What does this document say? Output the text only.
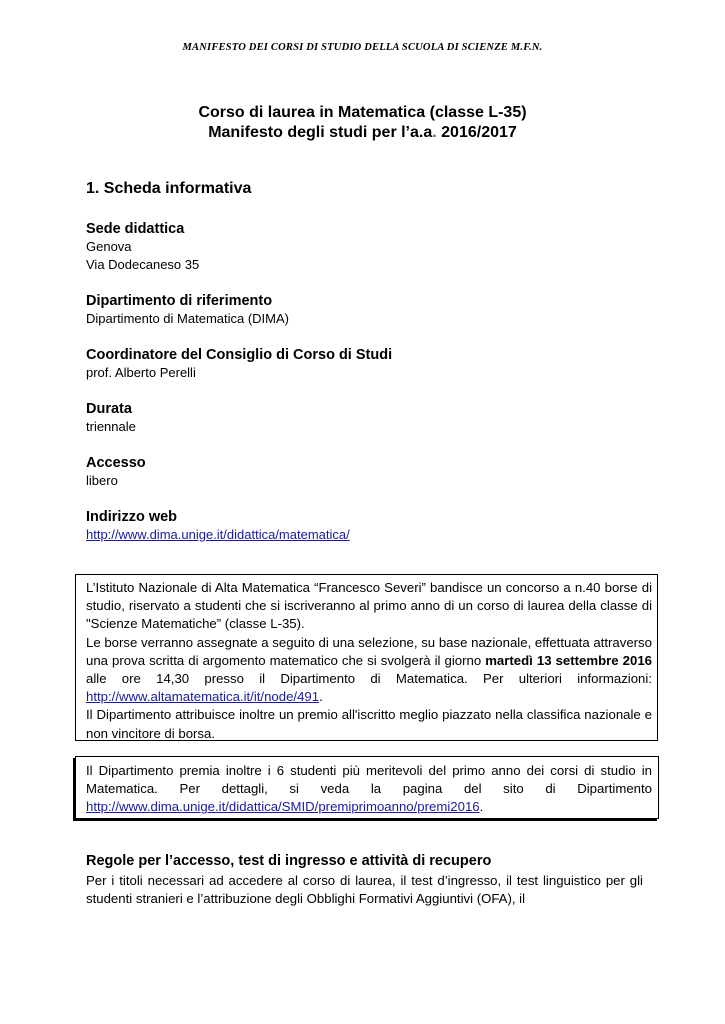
MANIFESTO DEI CORSI DI STUDIO DELLA SCUOLA DI SCIENZE M.F.N.
Corso di laurea in Matematica (classe L-35)
Manifesto degli studi per l’a.a. 2016/2017
1. Scheda informativa
Sede didattica
Genova
Via Dodecaneso 35
Dipartimento di riferimento
Dipartimento di Matematica (DIMA)
Coordinatore del Consiglio di Corso di Studi
prof. Alberto Perelli
Durata
triennale
Accesso
libero
Indirizzo web
http://www.dima.unige.it/didattica/matematica/

L’Istituto Nazionale di Alta Matematica “Francesco Severi” bandisce un concorso a n.40 borse di studio, riservato a studenti che si iscriveranno al primo anno di un corso di laurea della classe di "Scienze Matematiche” (classe L-35).

Le borse verranno assegnate a seguito di una selezione, su base nazionale, effettuata attraverso una prova scritta di argomento matematico che si svolgerà il giorno martedì 13 settembre 2016 alle ore 14,30 presso il Dipartimento di Matematica. Per ulteriori informazioni: http://www.altamatematica.it/it/node/491.

Il Dipartimento attribuisce inoltre un premio all'iscritto meglio piazzato nella classifica nazionale e non vincitore di borsa.

Il Dipartimento premia inoltre i 6 studenti più meritevoli del primo anno dei corsi di studio in Matematica. Per dettagli, si veda la pagina del sito di Dipartimento http://www.dima.unige.it/didattica/SMID/premiprimoanno/premi2016.

Regole per l’accesso, test di ingresso e attività di recupero
Per i titoli necessari ad accedere al corso di laurea, il test d’ingresso, il test linguistico per gli studenti stranieri e l’attribuzione degli Obblighi Formativi Aggiuntivi (OFA), il
